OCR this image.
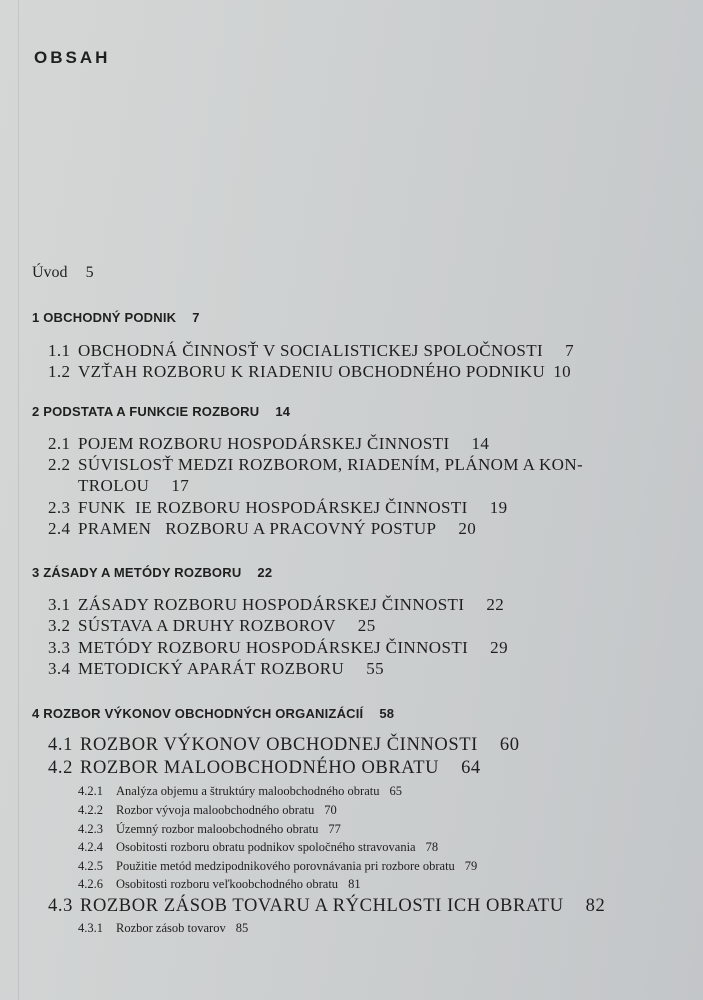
OBSAH
Úvod 5
1 OBCHODNÝ PODNIK 7
1.1 OBCHODNÁ ČINNOSŤ V SOCIALISTICKEJ SPOLOČNOSTI 7
1.2 VZŤAH ROZBORU K RIADENIU OBCHODNÉHO PODNIKU 10
2 PODSTATA A FUNKCIE ROZBORU 14
2.1 POJEM ROZBORU HOSPODÁRSKEJ ČINNOSTI 14
2.2 SÚVISLOSŤ MEDZI ROZBOROM, RIADENÍM, PLÁNOM A KON-
TROLOU 17
2.3 FUNK  IE ROZBORU HOSPODÁRSKEJ ČINNOSTI 19
2.4 PRAMEN   ROZBORU A PRACOVNÝ POSTUP 20
3 ZÁSADY A METÓDY ROZBORU 22
3.1 ZÁSADY ROZBORU HOSPODÁRSKEJ ČINNOSTI 22
3.2 SÚSTAVA A DRUHY ROZBOROV 25
3.3 METÓDY ROZBORU HOSPODÁRSKEJ ČINNOSTI 29
3.4 METODICKÝ APARÁT ROZBORU 55
4 ROZBOR VÝKONOV OBCHODNÝCH ORGANIZÁCIÍ 58
4.1 ROZBOR VÝKONOV OBCHODNEJ ČINNOSTI 60
4.2 ROZBOR MALOOBCHODNÉHO OBRATU 64
4.2.1 Analýza objemu a štruktúry maloobchodného obratu 65
4.2.2 Rozbor vývoja maloobchodného obratu 70
4.2.3 Územný rozbor maloobchodného obratu 77
4.2.4 Osobitosti rozboru obratu podnikov spoločného stravovania 78
4.2.5 Použitie metód medzipodnikového porovnávania pri rozbore obratu 79
4.2.6 Osobitosti rozboru veľkoobchodného obratu 81
4.3 ROZBOR ZÁSOB TOVARU A RÝCHLOSTI ICH OBRATU 82
4.3.1 Rozbor zásob tovarov 85
